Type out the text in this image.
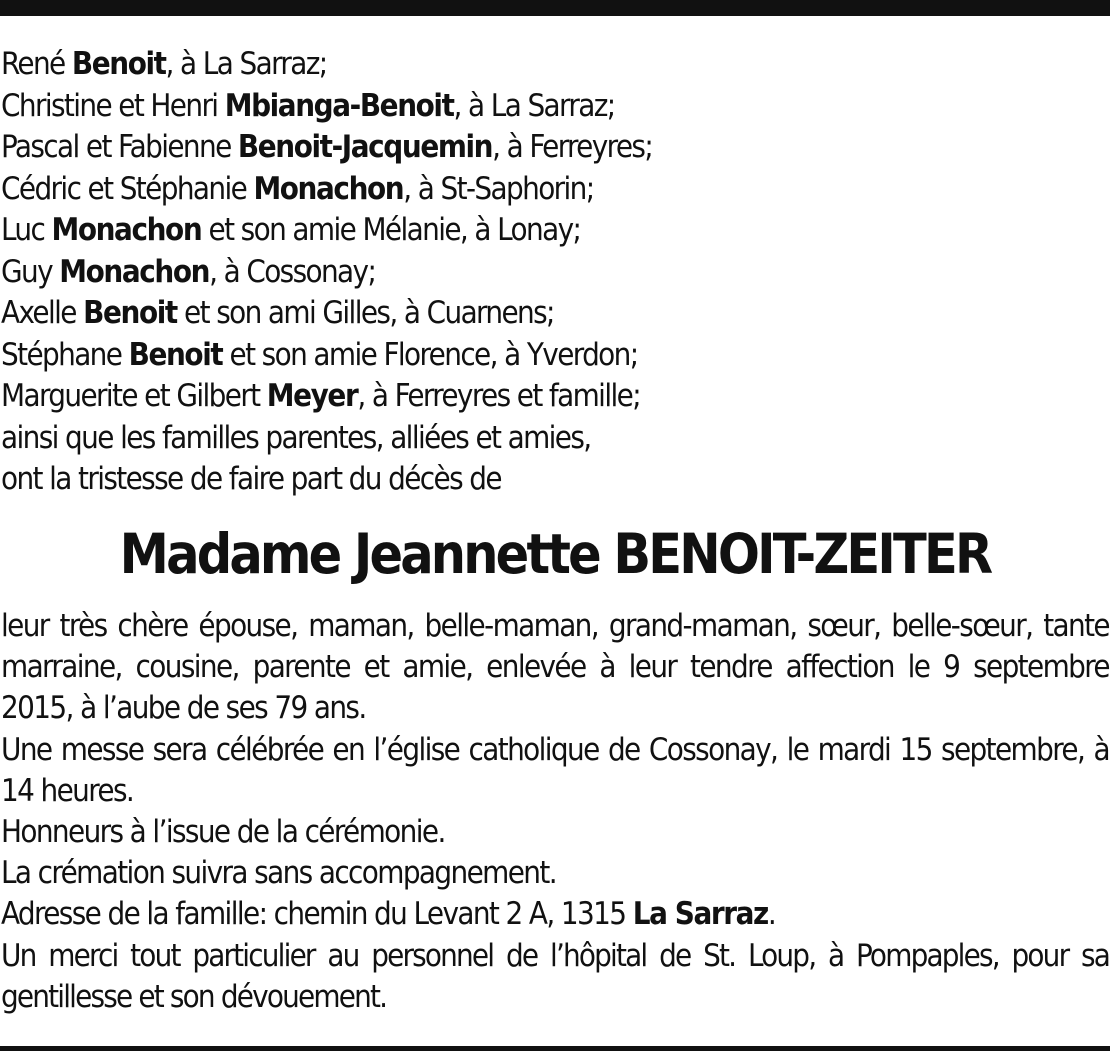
René Benoit, à La Sarraz;
Christine et Henri Mbianga-Benoit, à La Sarraz;
Pascal et Fabienne Benoit-Jacquemin, à Ferreyres;
Cédric et Stéphanie Monachon, à St-Saphorin;
Luc Monachon et son amie Mélanie, à Lonay;
Guy Monachon, à Cossonay;
Axelle Benoit et son ami Gilles, à Cuarnens;
Stéphane Benoit et son amie Florence, à Yverdon;
Marguerite et Gilbert Meyer, à Ferreyres et famille;
ainsi que les familles parentes, alliées et amies,
ont la tristesse de faire part du décès de
Madame Jeannette BENOIT-ZEITER
leur très chère épouse, maman, belle-maman, grand-maman, sœur, belle-sœur, tante marraine, cousine, parente et amie, enlevée à leur tendre affection le 9 septembre 2015, à l’aube de ses 79 ans.
Une messe sera célébrée en l’église catholique de Cossonay, le mardi 15 septembre, à 14 heures.
Honneurs à l’issue de la cérémonie.
La crémation suivra sans accompagnement.
Adresse de la famille: chemin du Levant 2 A, 1315 La Sarraz.
Un merci tout particulier au personnel de l’hôpital de St. Loup, à Pompaples, pour sa gentillesse et son dévouement.
